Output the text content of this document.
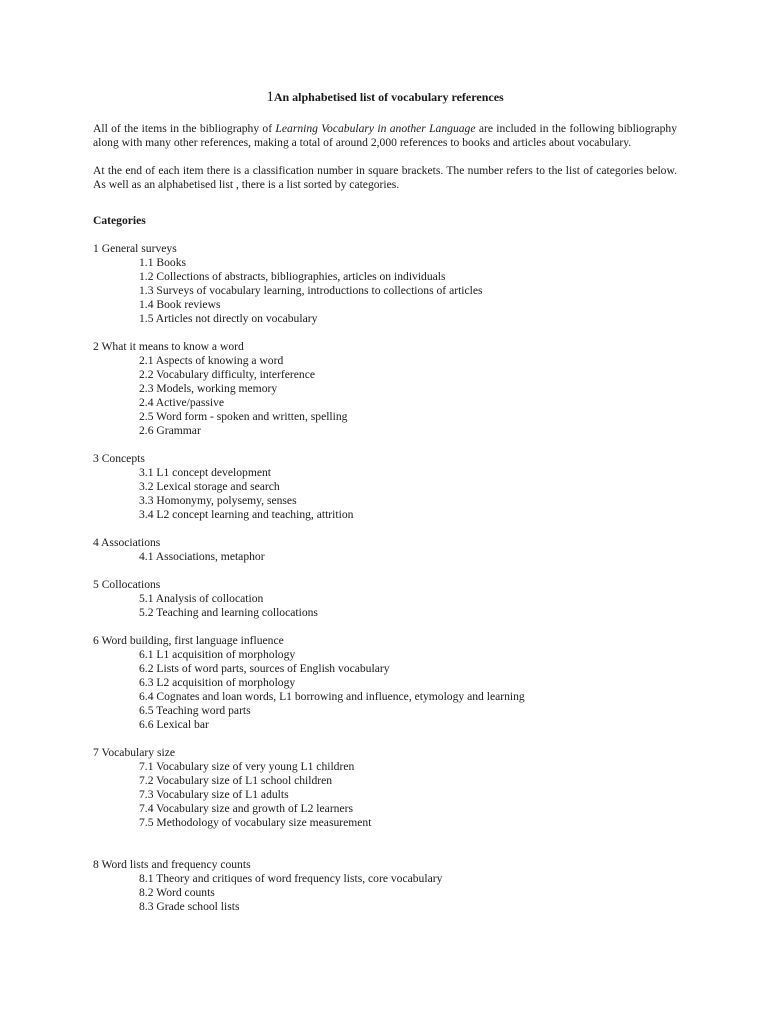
1An alphabetised list of vocabulary references

All of the items in the bibliography of Learning Vocabulary in another Language are included in the following bibliography along with many other references, making a total of around 2,000 references to books and articles about vocabulary.

At the end of each item there is a classification number in square brackets. The number refers to the list of categories below. As well as an alphabetised list , there is a list sorted by categories.

Categories
1 General surveys
1.1 Books
1.2 Collections of abstracts, bibliographies, articles on individuals
1.3 Surveys of vocabulary learning, introductions to collections of articles
1.4 Book reviews
1.5 Articles not directly on vocabulary
2 What it means to know a word
2.1 Aspects of knowing a word
2.2 Vocabulary difficulty, interference
2.3 Models, working memory
2.4 Active/passive
2.5 Word form - spoken and written, spelling
2.6 Grammar
3 Concepts
3.1 L1 concept development
3.2 Lexical storage and search
3.3 Homonymy, polysemy, senses
3.4 L2 concept learning and teaching, attrition
4 Associations
4.1 Associations, metaphor
5 Collocations
5.1 Analysis of collocation
5.2 Teaching and learning collocations
6 Word building, first language influence
6.1 L1 acquisition of morphology
6.2 Lists of word parts, sources of English vocabulary
6.3 L2 acquisition of morphology
6.4 Cognates and loan words, L1 borrowing and influence, etymology and learning
6.5 Teaching word parts
6.6 Lexical bar
7 Vocabulary size
7.1 Vocabulary size of very young L1 children
7.2 Vocabulary size of L1 school children
7.3 Vocabulary size of L1 adults
7.4 Vocabulary size and growth of L2 learners
7.5 Methodology of vocabulary size measurement
8 Word lists and frequency counts
8.1 Theory and critiques of word frequency lists, core vocabulary
8.2 Word counts
8.3 Grade school lists
